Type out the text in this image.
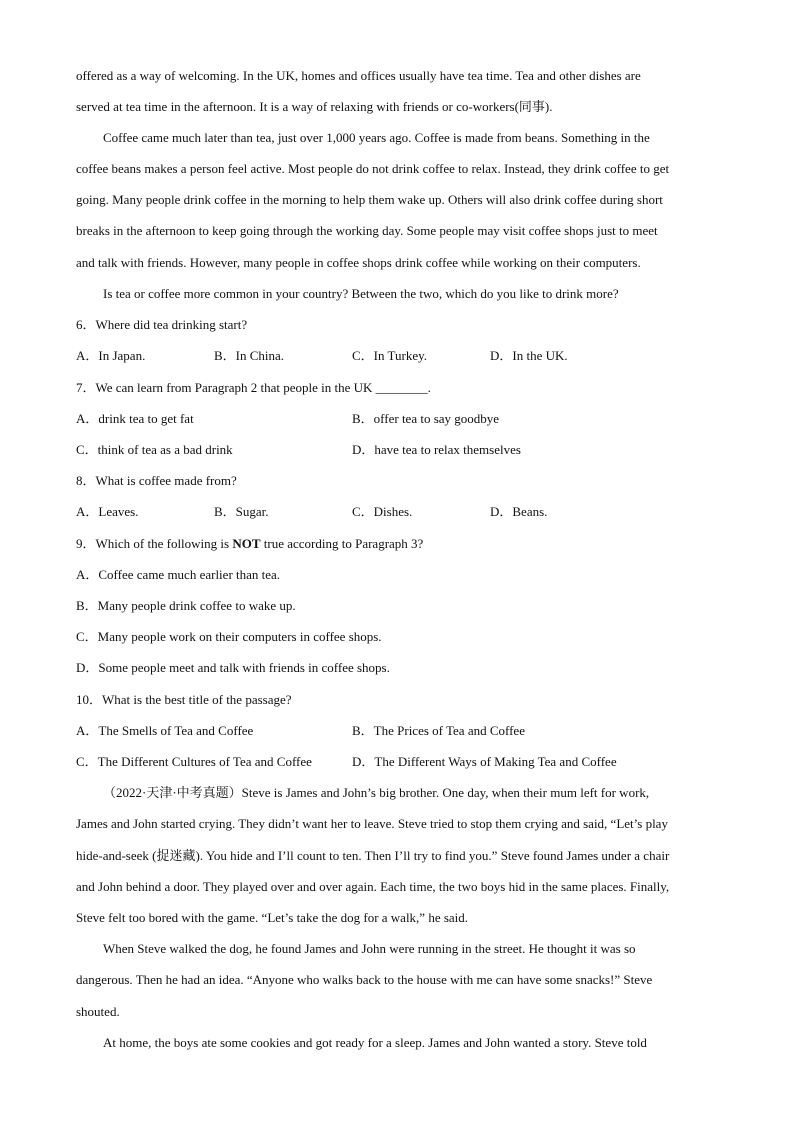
offered as a way of welcoming. In the UK, homes and offices usually have tea time. Tea and other dishes are
served at tea time in the afternoon. It is a way of relaxing with friends or co-workers(同事).
Coffee came much later than tea, just over 1,000 years ago. Coffee is made from beans. Something in the
coffee beans makes a person feel active. Most people do not drink coffee to relax. Instead, they drink coffee to get
going. Many people drink coffee in the morning to help them wake up. Others will also drink coffee during short
breaks in the afternoon to keep going through the working day. Some people may visit coffee shops just to meet
and talk with friends. However, many people in coffee shops drink coffee while working on their computers.
Is tea or coffee more common in your country? Between the two, which do you like to drink more?
6．Where did tea drinking start?
A．In Japan.	B．In China.	C．In Turkey.	D．In the UK.
7．We can learn from Paragraph 2 that people in the UK ________.
A．drink tea to get fat	B．offer tea to say goodbye
C．think of tea as a bad drink	D．have tea to relax themselves
8．What is coffee made from?
A．Leaves.	B．Sugar.	C．Dishes.	D．Beans.
9．Which of the following is NOT true according to Paragraph 3?
A．Coffee came much earlier than tea.
B．Many people drink coffee to wake up.
C．Many people work on their computers in coffee shops.
D．Some people meet and talk with friends in coffee shops.
10．What is the best title of the passage?
A．The Smells of Tea and Coffee	B．The Prices of Tea and Coffee
C．The Different Cultures of Tea and Coffee	D．The Different Ways of Making Tea and Coffee
（2022·天津·中考真题）Steve is James and John’s big brother. One day, when their mum left for work,
James and John started crying. They didn’t want her to leave. Steve tried to stop them crying and said, “Let’s play
hide-and-seek (捉迷藏). You hide and I’ll count to ten. Then I’ll try to find you.” Steve found James under a chair
and John behind a door. They played over and over again. Each time, the two boys hid in the same places. Finally,
Steve felt too bored with the game. “Let’s take the dog for a walk,” he said.
When Steve walked the dog, he found James and John were running in the street. He thought it was so
dangerous. Then he had an idea. “Anyone who walks back to the house with me can have some snacks!” Steve
shouted.
At home, the boys ate some cookies and got ready for a sleep. James and John wanted a story. Steve told
